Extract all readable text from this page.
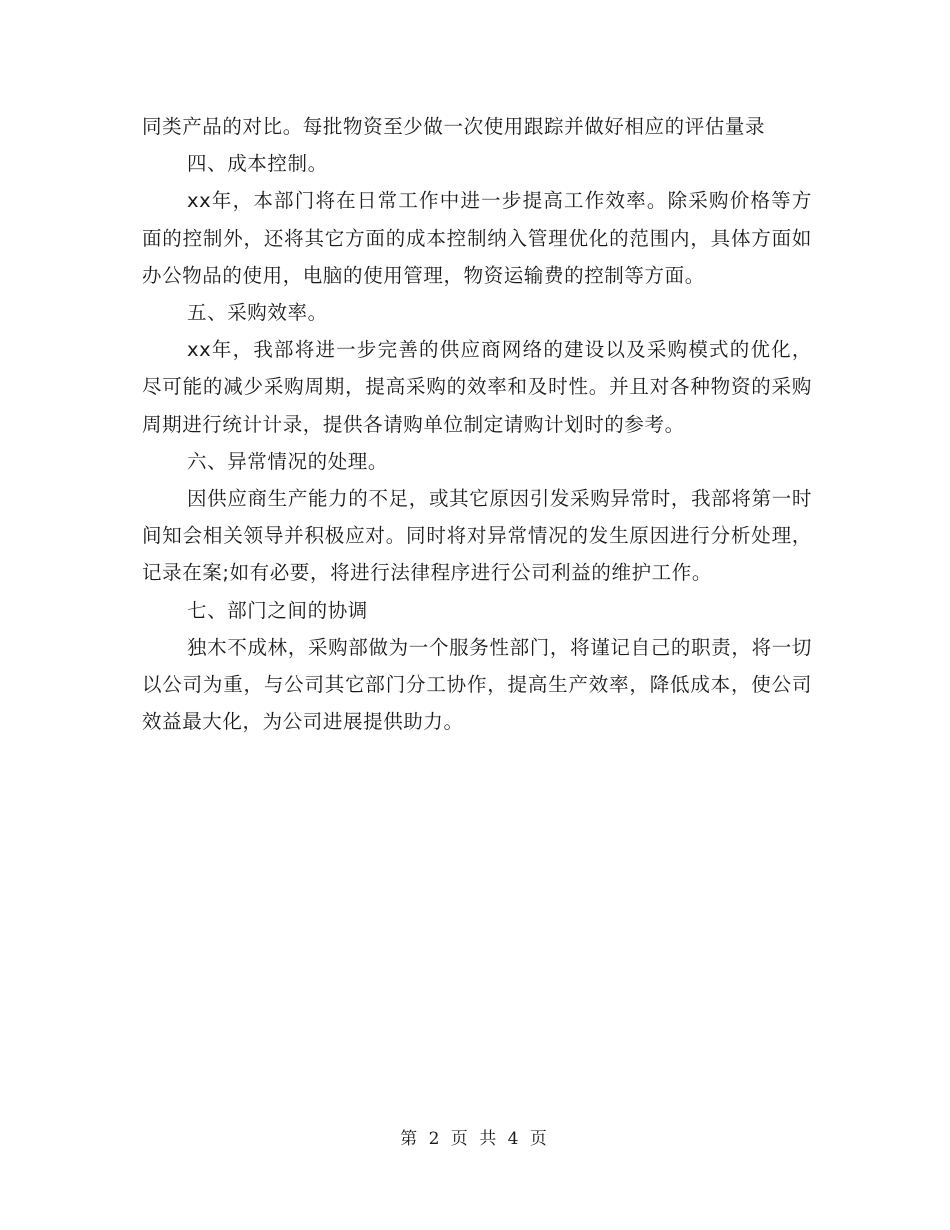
同类产品的对比。每批物资至少做一次使用跟踪并做好相应的评估量录

四、成本控制。

xx年，本部门将在日常工作中进一步提高工作效率。除采购价格等方面的控制外，还将其它方面的成本控制纳入管理优化的范围内，具体方面如办公物品的使用，电脑的使用管理，物资运输费的控制等方面。

五、采购效率。

xx年，我部将进一步完善的供应商网络的建设以及采购模式的优化，尽可能的减少采购周期，提高采购的效率和及时性。并且对各种物资的采购周期进行统计计录，提供各请购单位制定请购计划时的参考。

六、异常情况的处理。

因供应商生产能力的不足，或其它原因引发采购异常时，我部将第一时间知会相关领导并积极应对。同时将对异常情况的发生原因进行分析处理，记录在案;如有必要，将进行法律程序进行公司利益的维护工作。

七、部门之间的协调

独木不成林，采购部做为一个服务性部门，将谨记自己的职责，将一切以公司为重，与公司其它部门分工协作，提高生产效率，降低成本，使公司效益最大化，为公司进展提供助力。

第 2 页 共 4 页
